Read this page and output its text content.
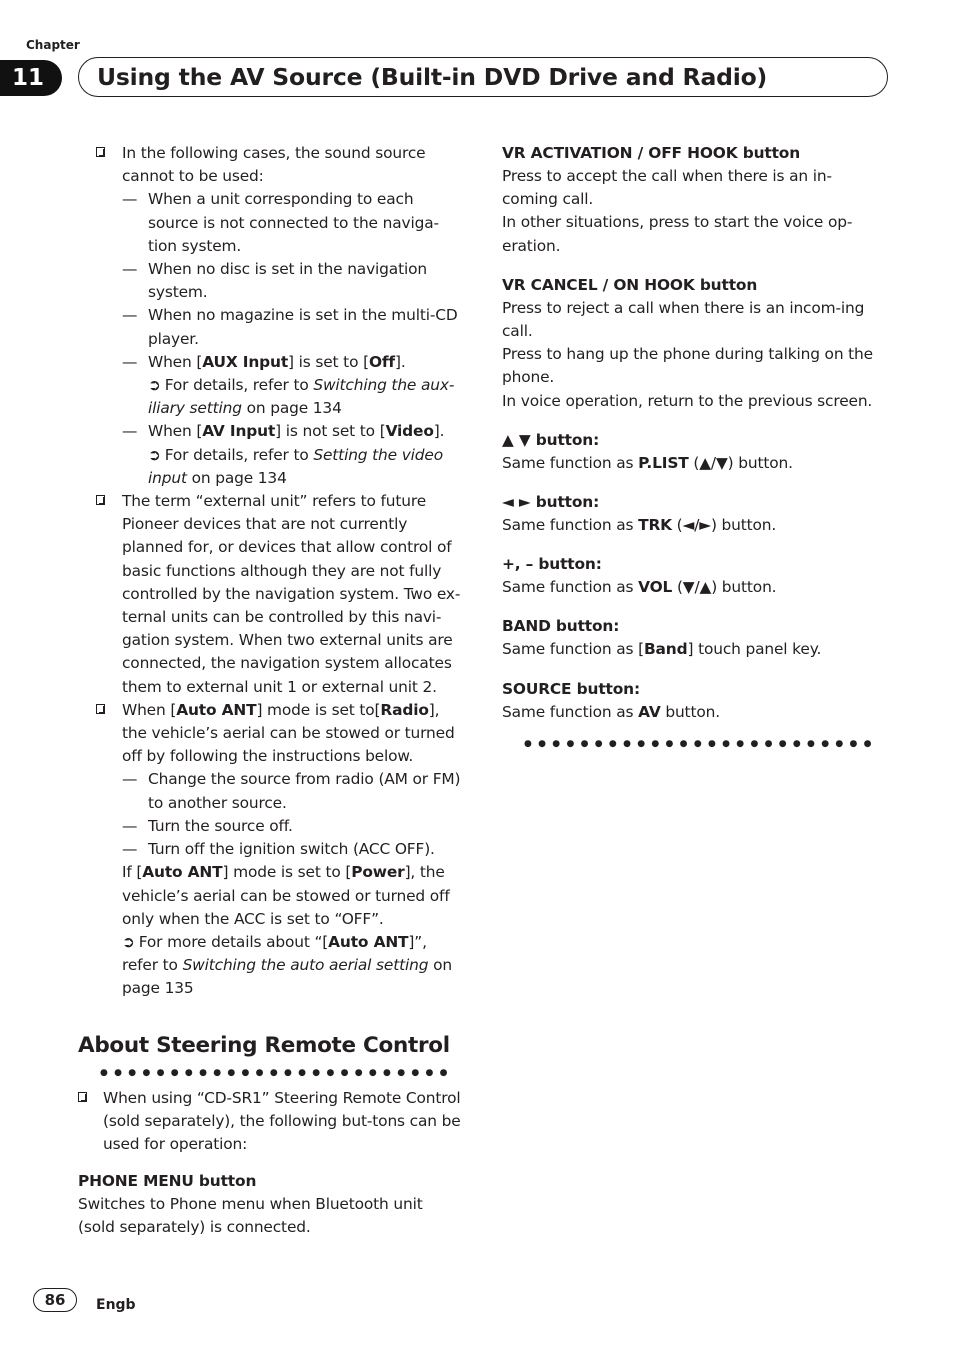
Chapter
11	Using the AV Source (Built-in DVD Drive and Radio)
In the following cases, the sound source cannot to be used:
— When a unit corresponding to each source is not connected to the naviga-tion system.
— When no disc is set in the navigation system.
— When no magazine is set in the multi-CD player.
— When [AUX Input] is set to [Off].
➲ For details, refer to Switching the aux-iliary setting on page 134
— When [AV Input] is not set to [Video].
➲ For details, refer to Setting the video input on page 134
The term “external unit” refers to future Pioneer devices that are not currently planned for, or devices that allow control of basic functions although they are not fully controlled by the navigation system. Two ex-ternal units can be controlled by this navi-gation system. When two external units are connected, the navigation system allocates them to external unit 1 or external unit 2.
When [Auto ANT] mode is set to[Radio], the vehicle’s aerial can be stowed or turned off by following the instructions below.
— Change the source from radio (AM or FM) to another source.
— Turn the source off.
— Turn off the ignition switch (ACC OFF).
If [Auto ANT] mode is set to [Power], the vehicle’s aerial can be stowed or turned off only when the ACC is set to “OFF”.
➲ For more details about “[Auto ANT]”, refer to Switching the auto aerial setting on page 135
About Steering Remote Control
●●●●●●●●●●●●●●●●●●●●●●●●●
When using “CD-SR1” Steering Remote Control (sold separately), the following but-tons can be used for operation:
PHONE MENU button
Switches to Phone menu when Bluetooth unit (sold separately) is connected.
VR ACTIVATION / OFF HOOK button
Press to accept the call when there is an in-coming call.
In other situations, press to start the voice op-eration.
VR CANCEL / ON HOOK button
Press to reject a call when there is an incom-ing call.
Press to hang up the phone during talking on the phone.
In voice operation, return to the previous screen.
▲ ▼ button:
Same function as P.LIST (▲/▼) button.
◄ ► button:
Same function as TRK (◄/►) button.
+, – button:
Same function as VOL (▼/▲) button.
BAND button:
Same function as [Band] touch panel key.
SOURCE button:
Same function as AV button.
●●●●●●●●●●●●●●●●●●●●●●●●●
86	Engb
